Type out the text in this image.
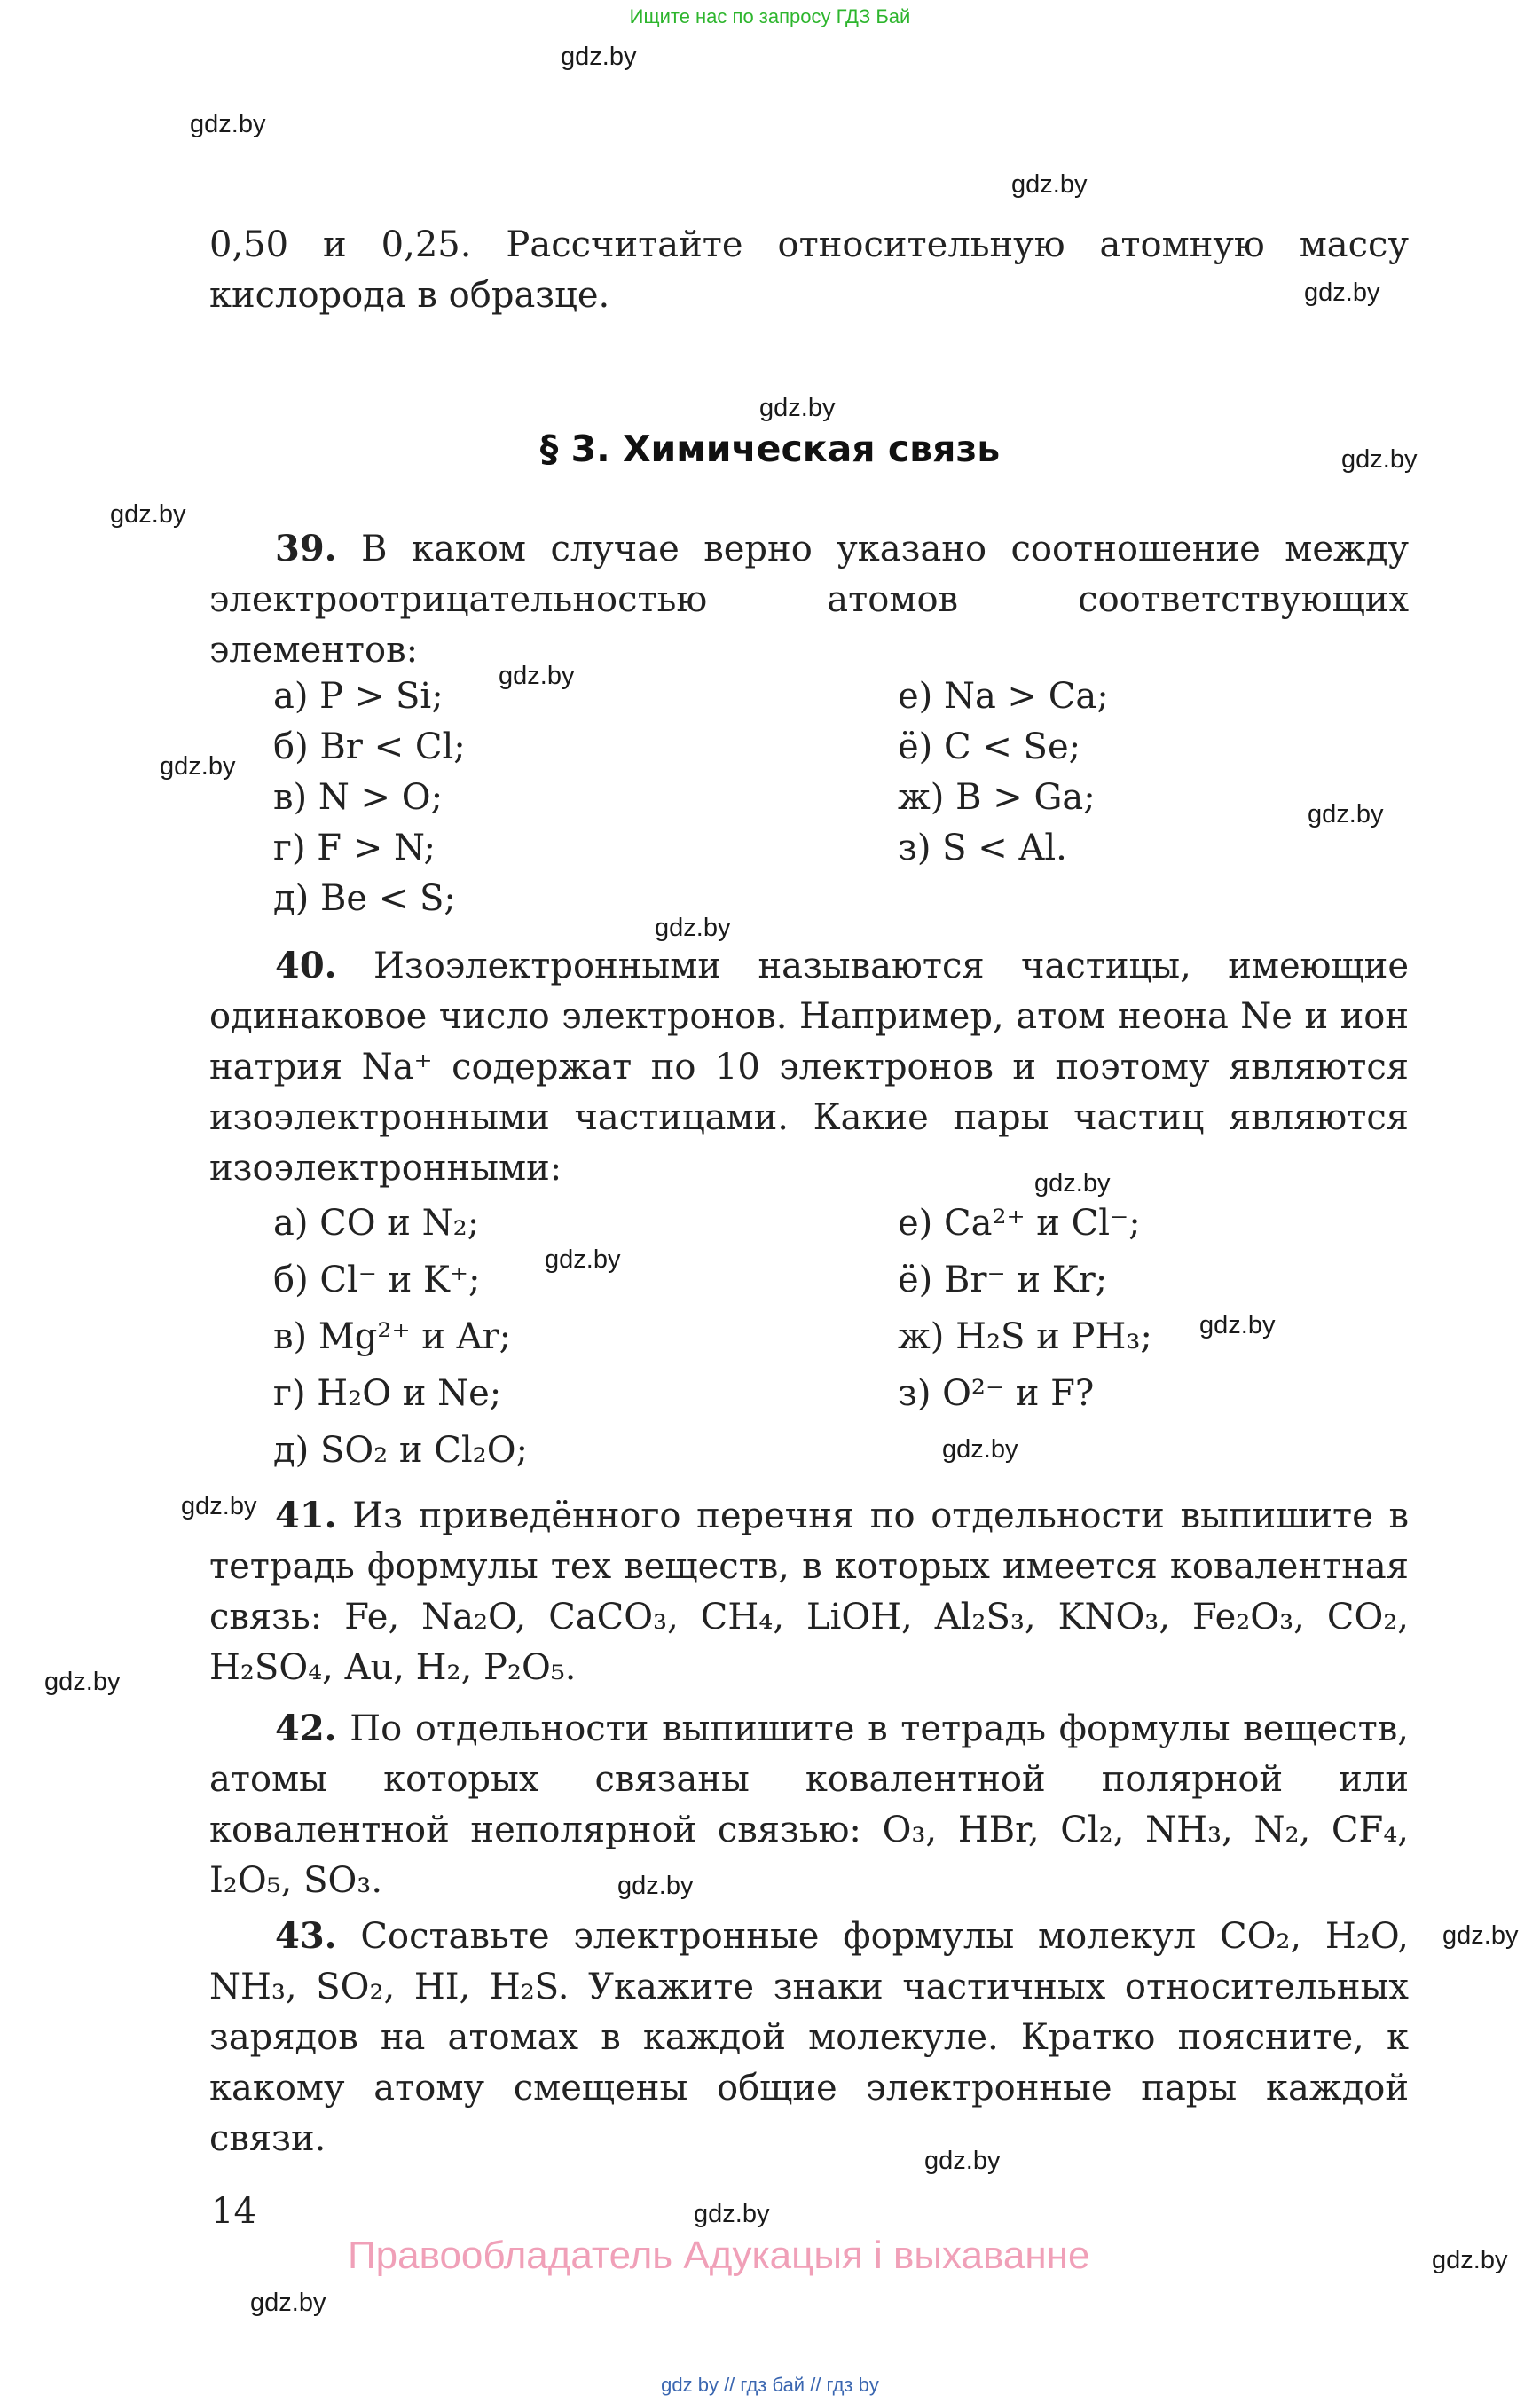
Ищите нас по запросу ГДЗ Бай
gdz.by
gdz.by
gdz.by
gdz.by
gdz.by
gdz.by
gdz.by
gdz.by
gdz.by
gdz.by
gdz.by
gdz.by
gdz.by
gdz.by
gdz.by
gdz.by
gdz.by
gdz.by
gdz.by
gdz.by
gdz.by
gdz.by
gdz.by

0,50 и 0,25. Рассчитайте относительную атомную массу кислорода в образце.

§ 3. Химическая связь

39. В каком случае верно указано соотношение между электроотрицательностью атомов соответствующих элементов:

а) P > Si;
б) Br < Cl;
в) N > O;
г) F > N;
д) Be < S;
е) Na > Ca;
ё) C < Se;
ж) B > Ga;
з) S < Al.

40. Изоэлектронными называются частицы, имеющие одинаковое число электронов. Например, атом неона Ne и ион натрия Na⁺ содержат по 10 электронов и поэтому являются изоэлектронными частицами. Какие пары частиц являются изоэлектронными:

а) CO и N₂;
б) Cl⁻ и K⁺;
в) Mg²⁺ и Ar;
г) H₂O и Ne;
д) SO₂ и Cl₂O;
е) Ca²⁺ и Cl⁻;
ё) Br⁻ и Kr;
ж) H₂S и PH₃;
з) O²⁻ и F?

41. Из приведённого перечня по отдельности выпишите в тетрадь формулы тех веществ, в которых имеется ковалентная связь: Fe, Na₂O, CaCO₃, CH₄, LiOH, Al₂S₃, KNO₃, Fe₂O₃, CO₂, H₂SO₄, Au, H₂, P₂O₅.

42. По отдельности выпишите в тетрадь формулы веществ, атомы которых связаны ковалентной полярной или ковалентной неполярной связью: O₃, HBr, Cl₂, NH₃, N₂, CF₄, I₂O₅, SO₃.

43. Составьте электронные формулы молекул CO₂, H₂O, NH₃, SO₂, HI, H₂S. Укажите знаки частичных относительных зарядов на атомах в каждой молекуле. Кратко поясните, к какому атому смещены общие электронные пары каждой связи.

14
Правообладатель Адукацыя і выхаванне
gdz by // гдз бай // гдз by
